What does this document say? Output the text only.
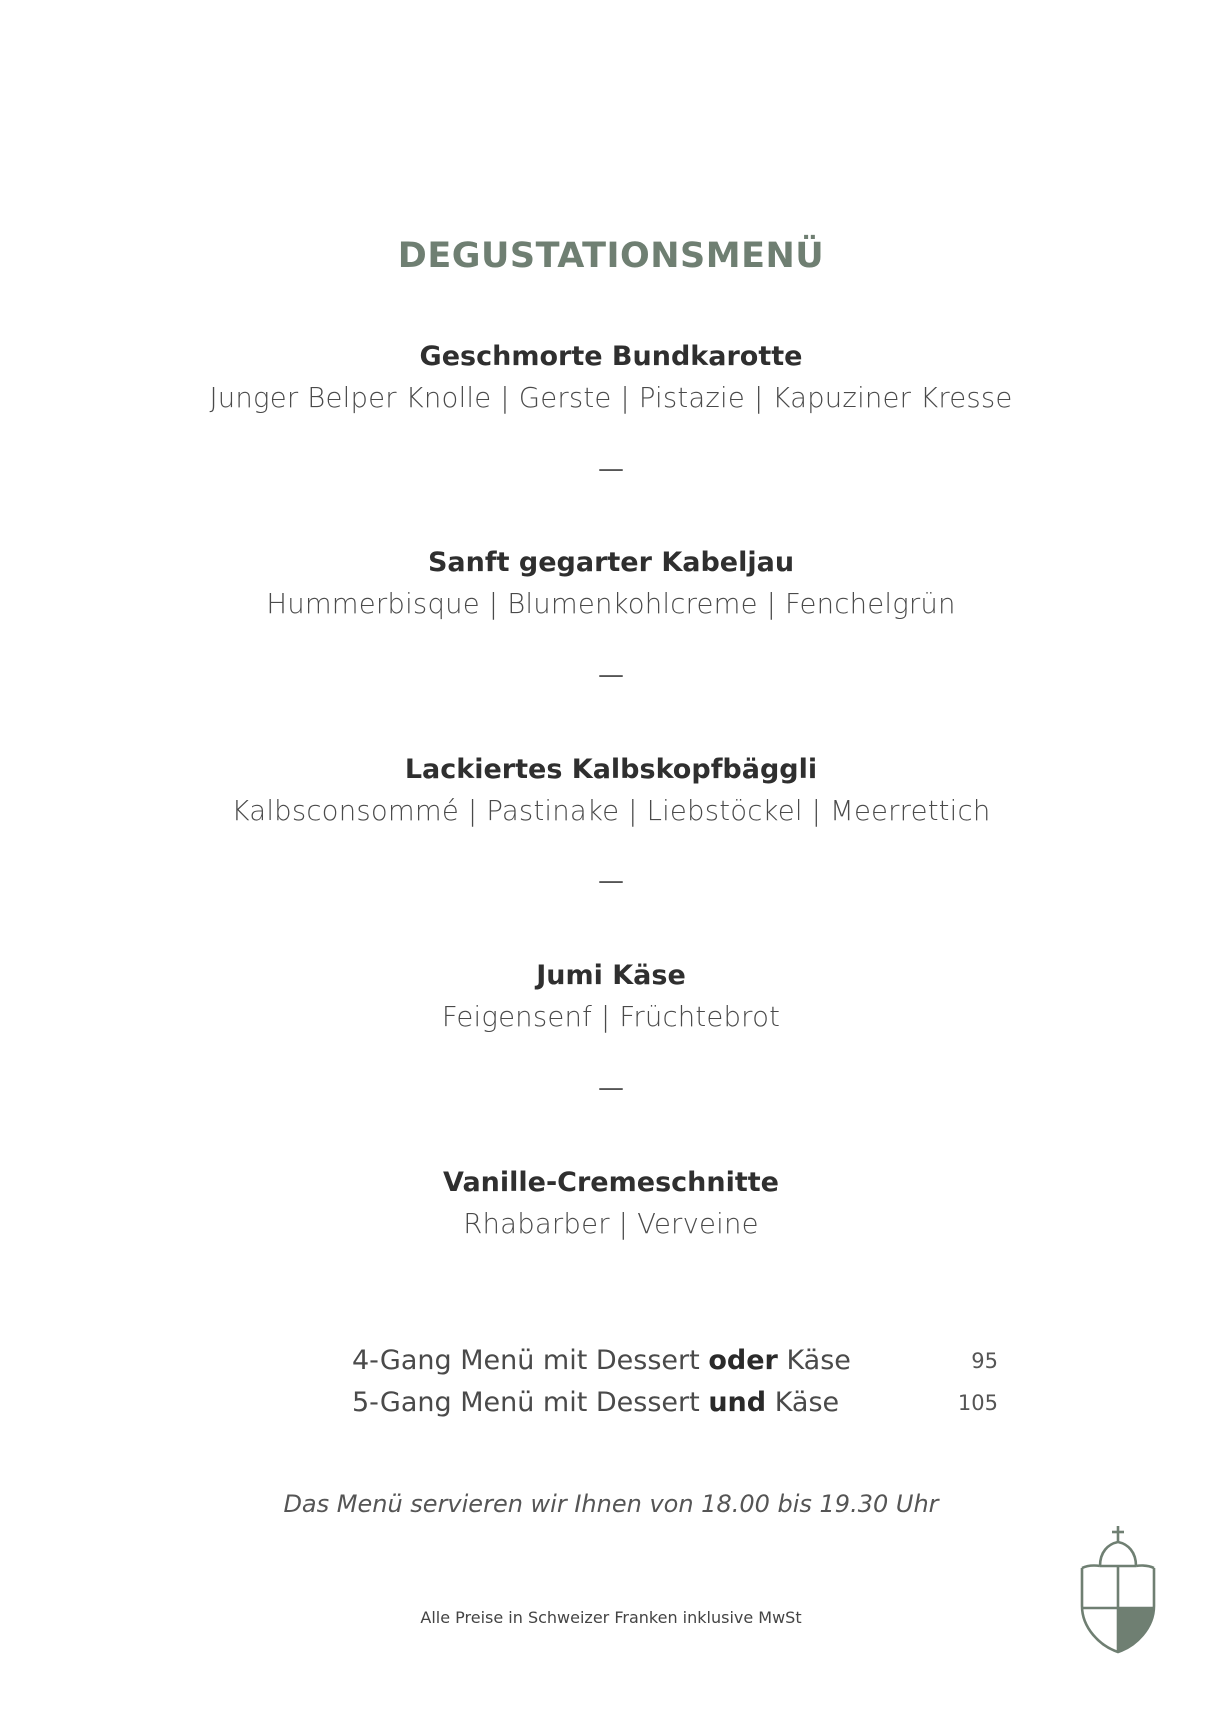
DEGUSTATIONSMENÜ
Geschmorte Bundkarotte
Junger Belper Knolle | Gerste | Pistazie | Kapuziner Kresse
—
Sanft gegarter Kabeljau
Hummerbisque | Blumenkohlcreme | Fenchelgrün
—
Lackiertes Kalbskopfbäggli
Kalbsconsommé | Pastinake | Liebstöckel | Meerrettich
—
Jumi Käse
Feigensenf | Früchtebrot
—
Vanille-Cremeschnitte
Rhabarber | Verveine
4-Gang Menü mit Dessert oder Käse	95
5-Gang Menü mit Dessert und Käse	105
Das Menü servieren wir Ihnen von 18.00 bis 19.30 Uhr
Alle Preise in Schweizer Franken inklusive MwSt
